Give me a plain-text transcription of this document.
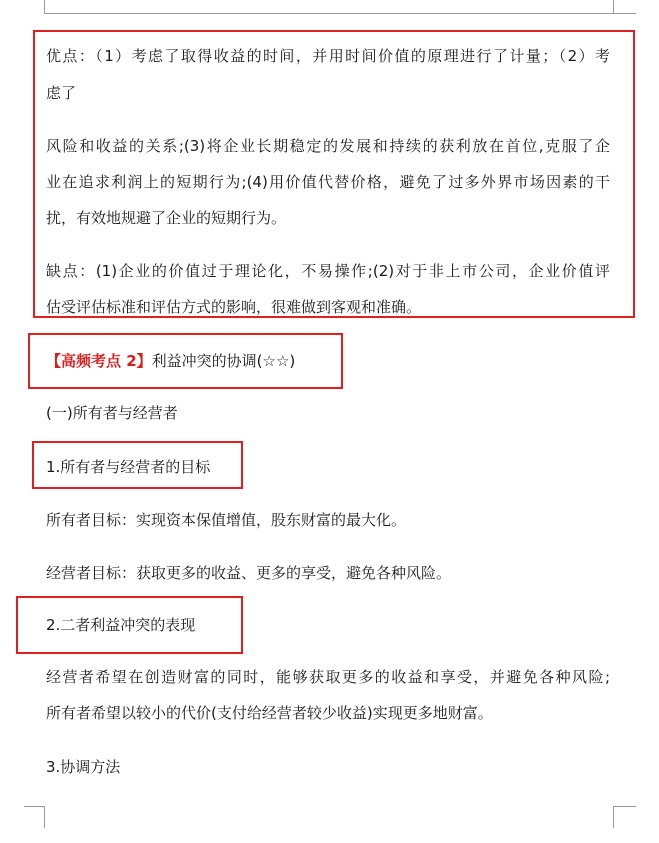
优点：（1）考虑了取得收益的时间，并用时间价值的原理进行了计量；（2）考
虑了
风险和收益的关系;(3)将企业长期稳定的发展和持续的获利放在首位,克服了企
业在追求利润上的短期行为;(4)用价值代替价格，避免了过多外界市场因素的干
扰，有效地规避了企业的短期行为。
缺点：(1)企业的价值过于理论化，不易操作;(2)对于非上市公司，企业价值评
估受评估标准和评估方式的影响，很难做到客观和准确。
【高频考点 2】利益冲突的协调(☆☆)
(一)所有者与经营者
1.所有者与经营者的目标
所有者目标：实现资本保值增值，股东财富的最大化。
经营者目标：获取更多的收益、更多的享受，避免各种风险。
2.二者利益冲突的表现
经营者希望在创造财富的同时，能够获取更多的收益和享受，并避免各种风险;
所有者希望以较小的代价(支付给经营者较少收益)实现更多地财富。
3.协调方法
